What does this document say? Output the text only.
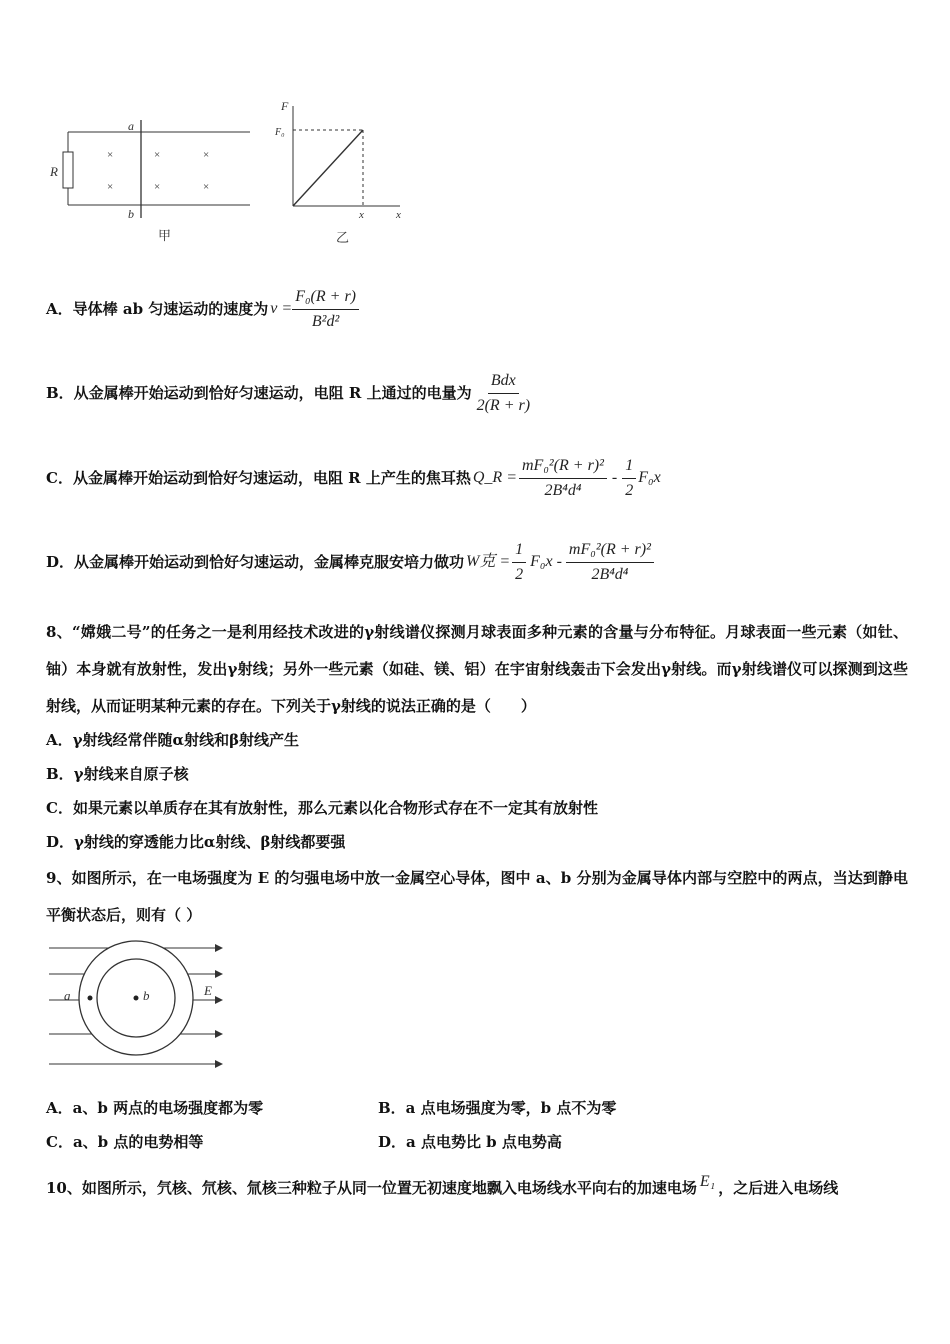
×	×	×
×	×	×
R
a
b
甲
F
F₀
x	x
乙
A．导体棒 ab 匀速运动的速度为 $v = \frac{\text{F₀(R + r)}}{\text{B²d²}}$
B．从金属棒开始运动到恰好匀速运动，电阻 R 上通过的电量为 $\frac{\text{Bdx}}{2(R + r)}$
C．从金属棒开始运动到恰好匀速运动，电阻 R 上产生的焦耳热 Q_R = $\frac{\text{mF₀²(R + r)²}}{\text{2B⁴d⁴}} - \frac{1}{2} F_0x$
D．从金属棒开始运动到恰好匀速运动，金属棒克服安培力做功 W克 = $\frac{1}{2} F_0x - \frac{\text{mF₀²(R + r)²}}{\text{2B⁴d⁴}}$
8、“嫦娥二号”的任务之一是利用经技术改进的γ射线谱仪探测月球表面多种元素的含量与分布特征。月球表面一些元素（如钍、铀）本身就有放射性，发出γ射线；另外一些元素（如硅、镁、铝）在宇宙射线轰击下会发出γ射线。而γ射线谱仪可以探测到这些射线，从而证明某种元素的存在。下列关于γ射线的说法正确的是（　　）
A．γ射线经常伴随α射线和β射线产生
B．γ射线来自原子核
C．如果元素以单质存在其有放射性，那么元素以化合物形式存在不一定其有放射性
D．γ射线的穿透能力比α射线、β射线都要强
9、如图所示，在一电场强度为 E 的匀强电场中放一金属空心导体，图中 a、b 分别为金属导体内部与空腔中的两点，当达到静电平衡状态后，则有（ ）
a	b	E
A．a、b 两点的电场强度都为零	B．a 点电场强度为零，b 点不为零
C．a、b 点的电势相等	D．a 点电势比 b 点电势高
10、如图所示，氕核、氘核、氚核三种粒子从同一位置无初速度地飘入电场线水平向右的加速电场 E₁ ，之后进入电场线
